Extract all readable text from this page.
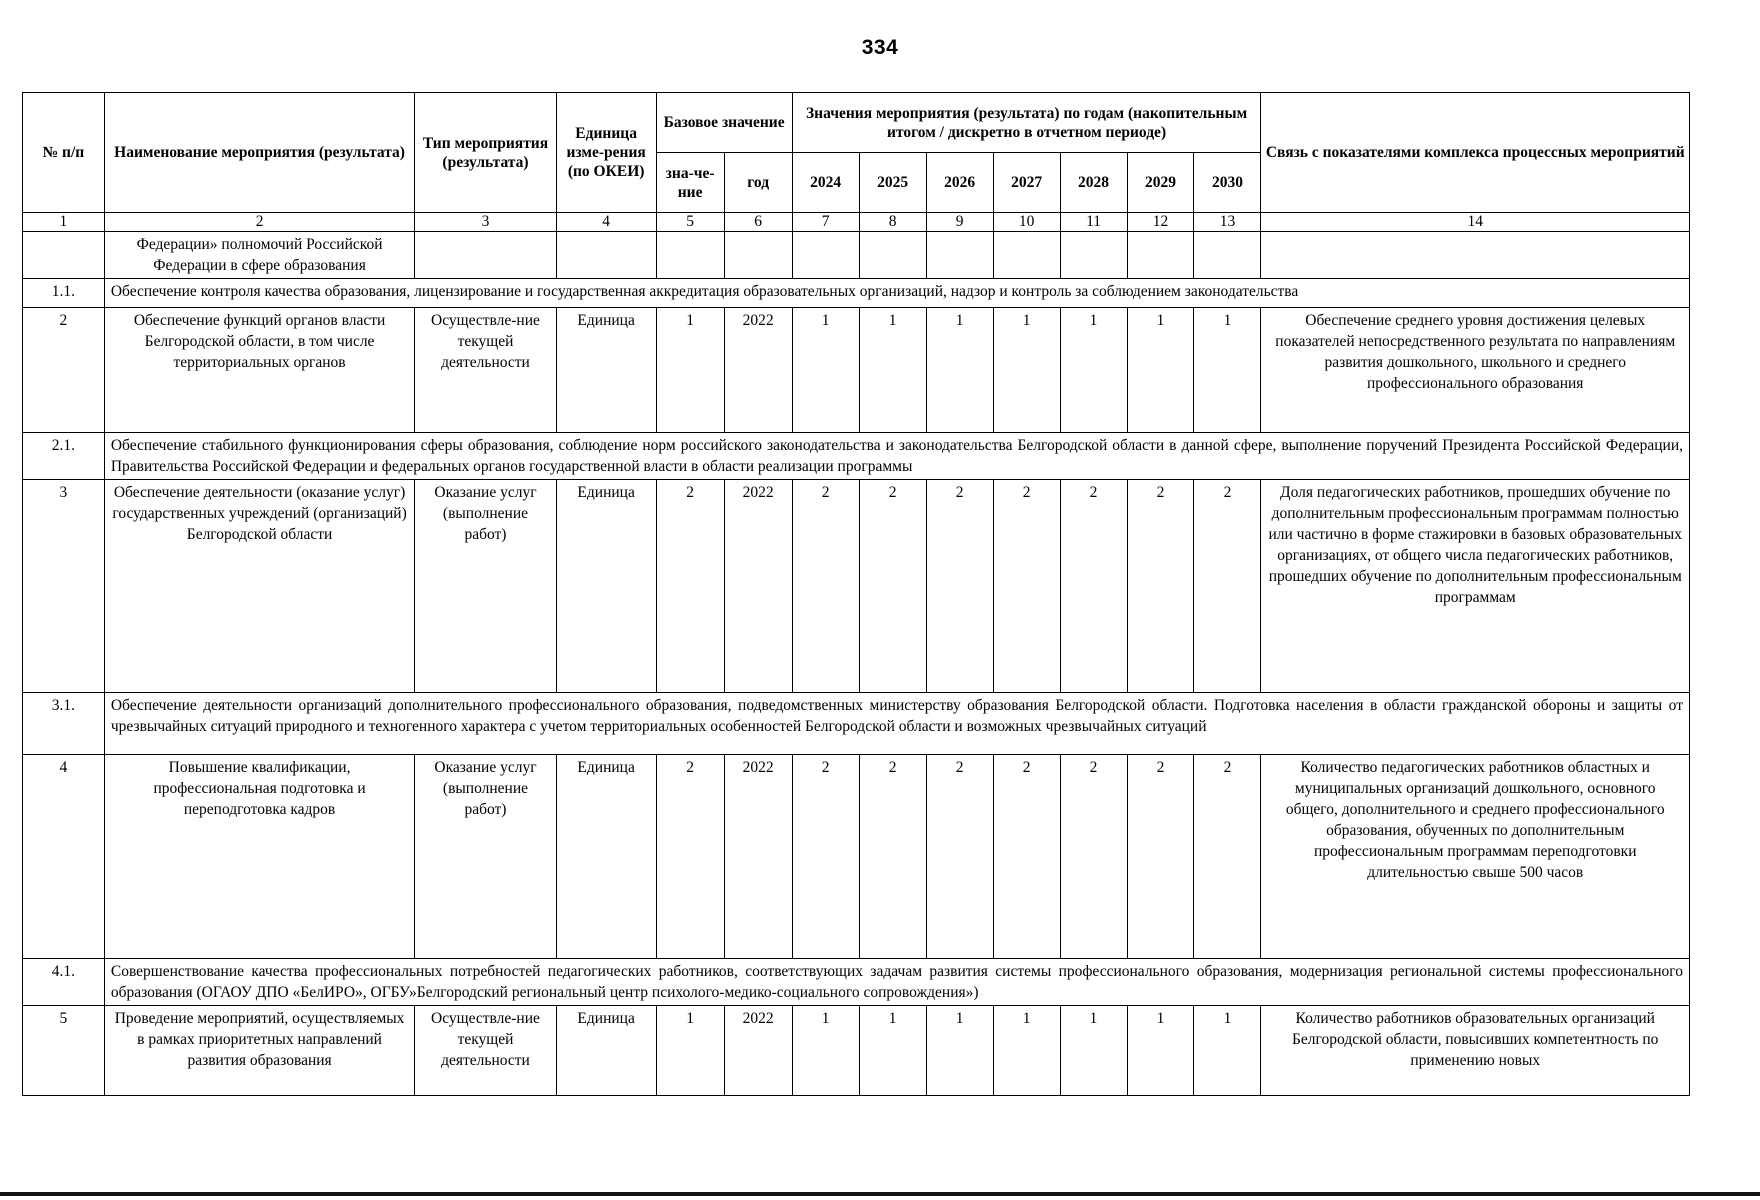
334
№ п/п	Наименование мероприятия (результата)	Тип мероприятия (результата)	Единица изме-рения (по ОКЕИ)	Базовое значение		Значения мероприятия (результата) по годам (накопительным итогом / дискретно в отчетном периоде)							Связь с показателями комплекса процессных мероприятий
				зна-че-ние	год	2024	2025	2026	2027	2028	2029	2030	
1	2	3	4	5	6	7	8	9	10	11	12	13	14
	Федерации» полномочий Российской Федерации в сфере образования												
1.1.	Обеспечение контроля качества образования, лицензирование и государственная аккредитация образовательных организаций, надзор и контроль за соблюдением законодательства												
2	Обеспечение функций органов власти Белгородской области, в том числе территориальных органов	Осуществле-ние текущей деятельности	Единица	1	2022	1	1	1	1	1	1	1	Обеспечение среднего уровня достижения целевых показателей непосредственного результата по направлениям развития дошкольного, школьного и среднего профессионального образования
2.1.	Обеспечение стабильного функционирования сферы образования, соблюдение норм российского законодательства и законодательства Белгородской области в данной сфере, выполнение поручений Президента Российской Федерации, Правительства Российской Федерации и федеральных органов государственной власти в области реализации программы												
3	Обеспечение деятельности (оказание услуг) государственных учреждений (организаций) Белгородской области	Оказание услуг (выполнение работ)	Единица	2	2022	2	2	2	2	2	2	2	Доля педагогических работников, прошедших обучение по дополнительным профессиональным программам полностью или частично в форме стажировки в базовых образовательных организациях, от общего числа педагогических работников, прошедших обучение по дополнительным профессиональным программам
3.1.	Обеспечение деятельности организаций дополнительного профессионального образования, подведомственных министерству образования Белгородской области. Подготовка населения в области гражданской обороны и защиты от чрезвычайных ситуаций природного и техногенного характера с учетом территориальных особенностей Белгородской области и возможных чрезвычайных ситуаций												
4	Повышение квалификации, профессиональная подготовка и переподготовка кадров	Оказание услуг (выполнение работ)	Единица	2	2022	2	2	2	2	2	2	2	Количество педагогических работников областных и муниципальных организаций дошкольного, основного общего, дополнительного и среднего профессионального образования, обученных по дополнительным профессиональным программам переподготовки длительностью свыше 500 часов
4.1.	Совершенствование качества профессиональных потребностей педагогических работников, соответствующих задачам развития системы профессионального образования, модернизация региональной системы профессионального образования (ОГАОУ ДПО «БелИРО», ОГБУ»Белгородский региональный центр психолого-медико-социального сопровождения»)												
5	Проведение мероприятий, осуществляемых в рамках приоритетных направлений развития образования	Осуществле-ние текущей деятельности	Единица	1	2022	1	1	1	1	1	1	1	Количество работников образовательных организаций Белгородской области, повысивших компетентность по применению новых
